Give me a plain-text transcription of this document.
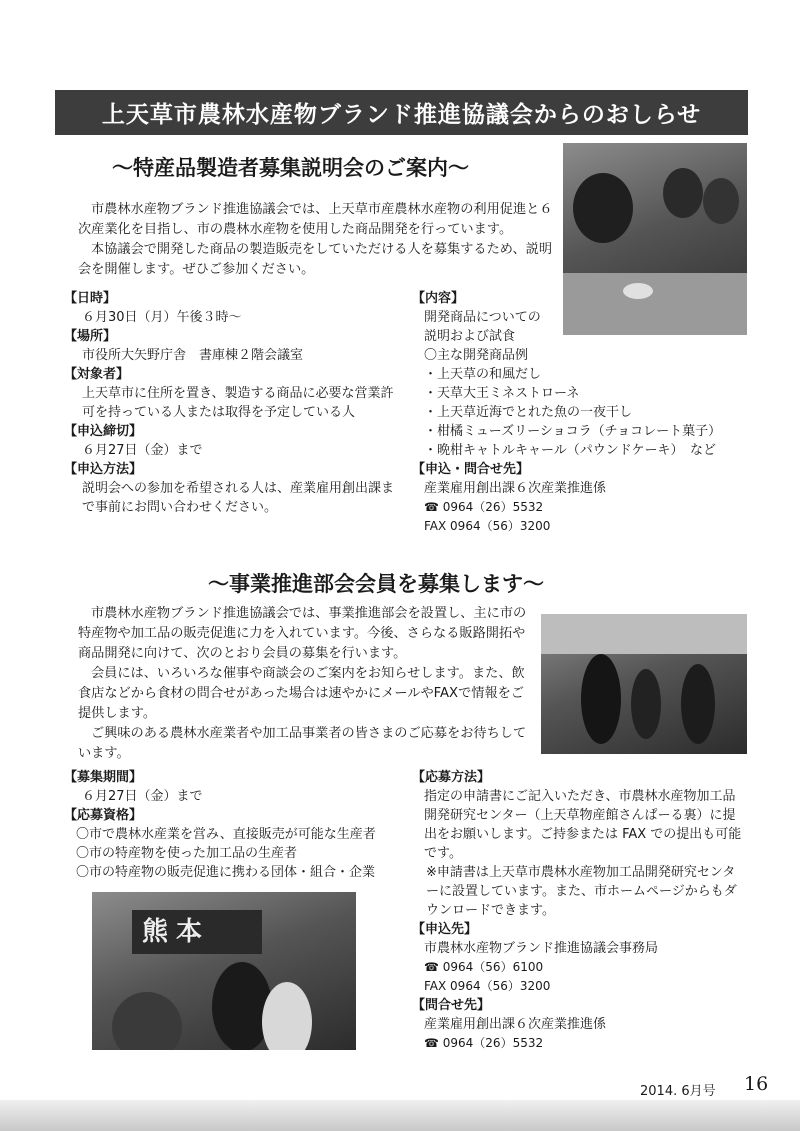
上天草市農林水産物ブランド推進協議会からのおしらせ
～特産品製造者募集説明会のご案内～

市農林水産物ブランド推進協議会では、上天草市産農林水産物の利用促進と６次産業化を目指し、市の農林水産物を使用した商品開発を行っています。

本協議会で開発した商品の製造販売をしていただける人を募集するため、説明会を開催します。ぜひご参加ください。

【日時】
６月30日（月）午後３時～
【場所】
市役所大矢野庁舎　書庫棟２階会議室
【対象者】
上天草市に住所を置き、製造する商品に必要な営業許可を持っている人または取得を予定している人
【申込締切】
６月27日（金）まで
【申込方法】
説明会への参加を希望される人は、産業雇用創出課まで事前にお問い合わせください。
【内容】
開発商品についての
説明および試食
〇主な開発商品例
・上天草の和風だし
・天草大王ミネストローネ
・上天草近海でとれた魚の一夜干し
・柑橘ミューズリーショコラ（チョコレート菓子）
・晩柑キャトルキャール（パウンドケーキ）　など
【申込・問合せ先】
産業雇用創出課６次産業推進係
☎ 0964（26）5532
FAX 0964（56）3200
～事業推進部会会員を募集します～

市農林水産物ブランド推進協議会では、事業推進部会を設置し、主に市の特産物や加工品の販売促進に力を入れています。今後、さらなる販路開拓や商品開発に向けて、次のとおり会員の募集を行います。

会員には、いろいろな催事や商談会のご案内をお知らせします。また、飲食店などから食材の問合せがあった場合は速やかにメールやFAXで情報をご提供します。

ご興味のある農林水産業者や加工品事業者の皆さまのご応募をお待ちしています。

【募集期間】
６月27日（金）まで
【応募資格】
〇市で農林水産業を営み、直接販売が可能な生産者
〇市の特産物を使った加工品の生産者
〇市の特産物の販売促進に携わる団体・組合・企業
熊本
【応募方法】
指定の申請書にご記入いただき、市農林水産物加工品開発研究センター（上天草物産館さんぱーる裏）に提出をお願いします。ご持参または FAX での提出も可能です。
※申請書は上天草市農林水産物加工品開発研究センターに設置しています。また、市ホームページからもダウンロードできます。
【申込先】
市農林水産物ブランド推進協議会事務局
☎ 0964（56）6100
FAX 0964（56）3200
【問合せ先】
産業雇用創出課６次産業推進係
☎ 0964（26）5532
2014. 6月号 16
